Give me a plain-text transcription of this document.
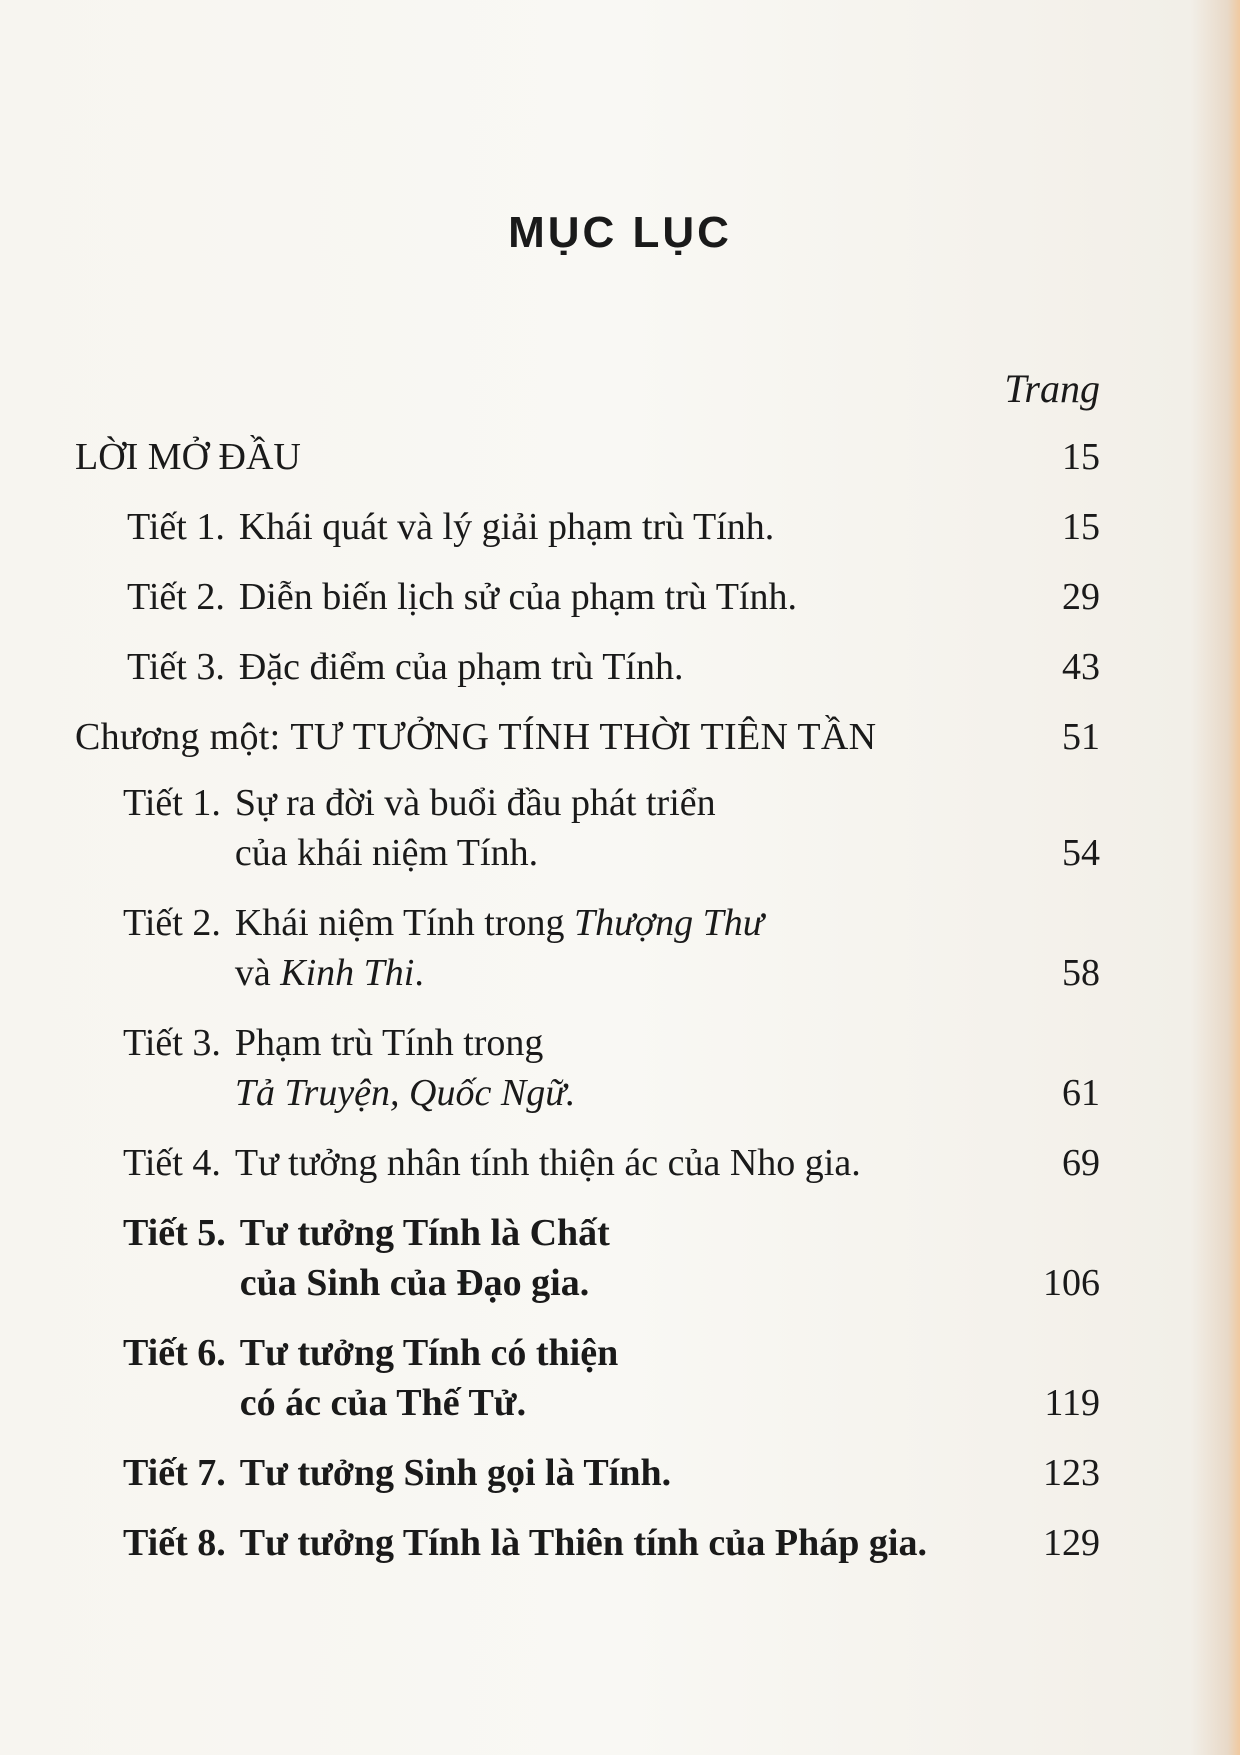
MỤC LỤC
Trang
LỜI MỞ ĐẦU	15
Tiết 1. Khái quát và lý giải phạm trù Tính.	15
Tiết 2. Diễn biến lịch sử của phạm trù Tính.	29
Tiết 3. Đặc điểm của phạm trù Tính.	43
Chương một:
TƯ TƯỞNG TÍNH THỜI TIÊN TẦN	51
Tiết 1. Sự ra đời và buổi đầu phát triển
của khái niệm Tính.	54
Tiết 2. Khái niệm Tính trong Thượng Thư
và Kinh Thi.	58
Tiết 3. Phạm trù Tính trong
Tả Truyện, Quốc Ngữ.	61
Tiết 4. Tư tưởng nhân tính thiện ác của Nho gia.	69
Tiết 5. Tư tưởng Tính là Chất
của Sinh của Đạo gia.	106
Tiết 6. Tư tưởng Tính có thiện
có ác của Thế Tử.	119
Tiết 7. Tư tưởng Sinh gọi là Tính.	123
Tiết 8. Tư tưởng Tính là Thiên tính của Pháp gia.	129
